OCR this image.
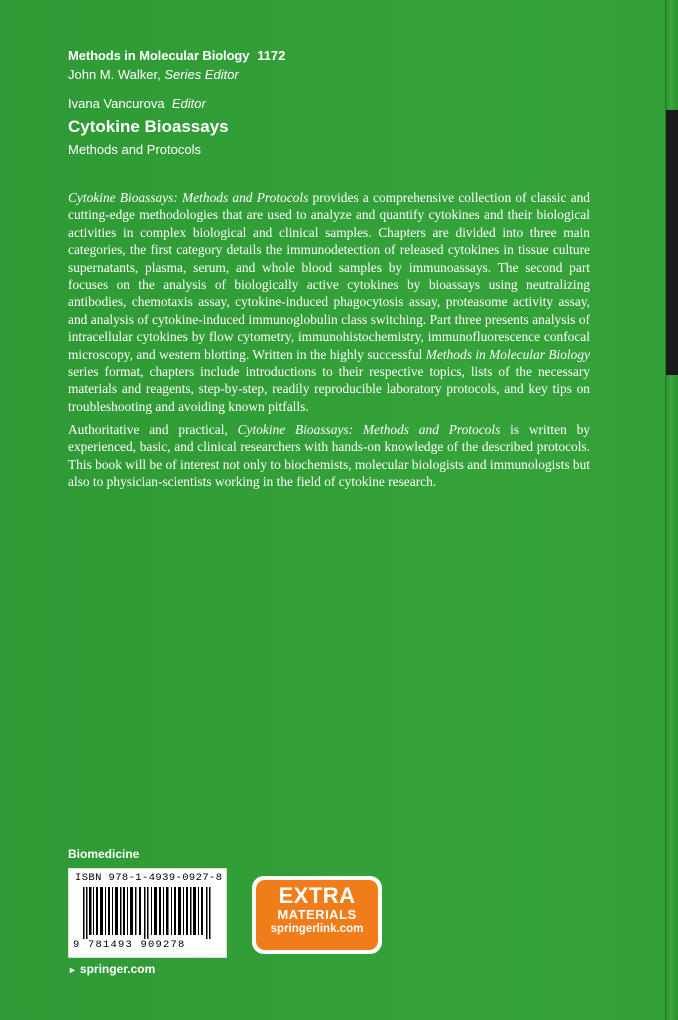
Methods in Molecular Biology 1172
John M. Walker, Series Editor
Ivana Vancurova Editor
Cytokine Bioassays
Methods and Protocols

Cytokine Bioassays: Methods and Protocols provides a comprehensive collection of classic and cutting-edge methodologies that are used to analyze and quantify cytokines and their biological activities in complex biological and clinical samples. Chapters are divided into three main categories, the first category details the immunodetection of released cytokines in tissue culture supernatants, plasma, serum, and whole blood samples by immunoassays. The second part focuses on the analysis of biologically active cytokines by bioassays using neutralizing antibodies, chemotaxis assay, cytokine-induced phagocytosis assay, proteasome activity assay, and analysis of cytokine-induced immunoglobulin class switching. Part three presents analysis of intracellular cytokines by flow cytometry, immunohistochemistry, immunofluorescence confocal microscopy, and western blotting. Written in the highly successful Methods in Molecular Biology series format, chapters include introductions to their respective topics, lists of the necessary materials and reagents, step-by-step, readily reproducible laboratory protocols, and key tips on troubleshooting and avoiding known pitfalls.

Authoritative and practical, Cytokine Bioassays: Methods and Protocols is written by experienced, basic, and clinical researchers with hands-on knowledge of the described protocols. This book will be of interest not only to biochemists, molecular biologists and immunologists but also to physician-scientists working in the field of cytokine research.

Biomedicine
ISBN 978-1-4939-0927-8
9 781493 909278
EXTRA
MATERIALS
springerlink.com
► springer.com
